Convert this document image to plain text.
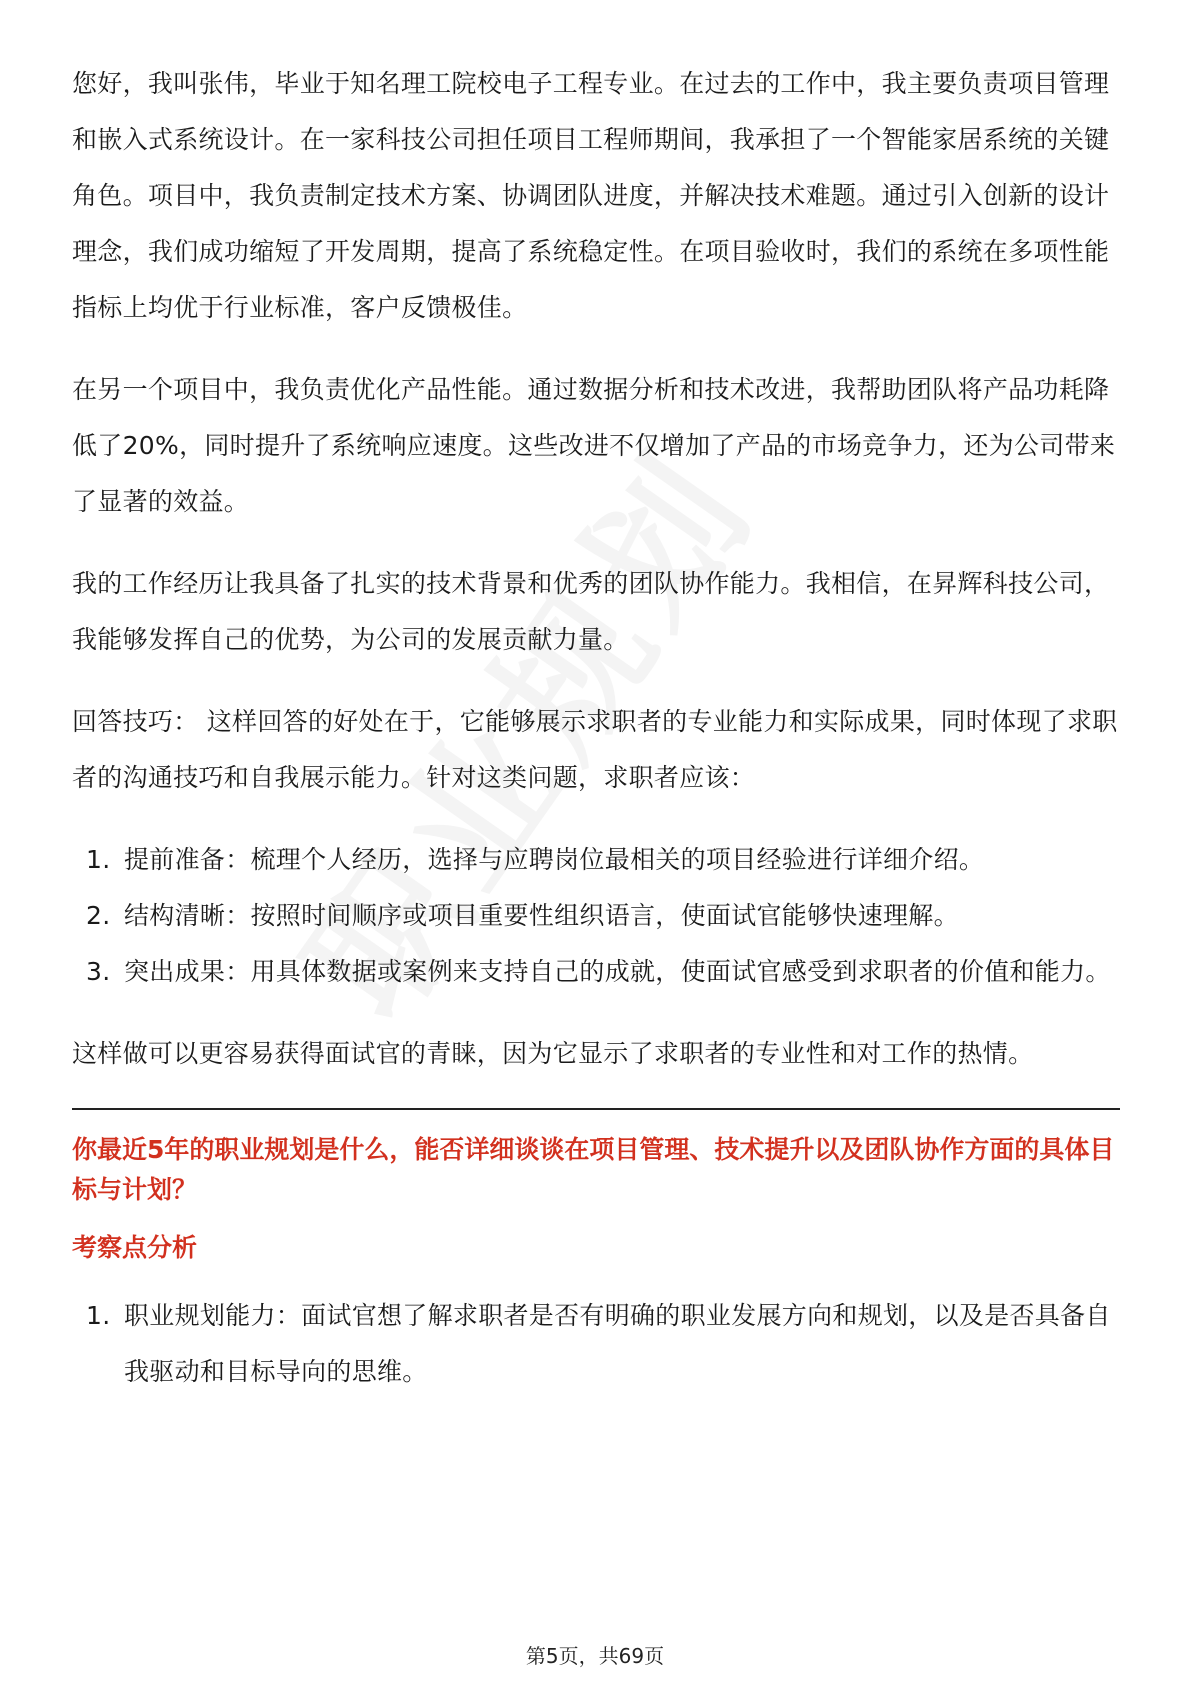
您好，我叫张伟，毕业于知名理工院校电子工程专业。在过去的工作中，我主要负责项目管理和嵌入式系统设计。在一家科技公司担任项目工程师期间，我承担了一个智能家居系统的关键角色。项目中，我负责制定技术方案、协调团队进度，并解决技术难题。通过引入创新的设计理念，我们成功缩短了开发周期，提高了系统稳定性。在项目验收时，我们的系统在多项性能指标上均优于行业标准，客户反馈极佳。

在另一个项目中，我负责优化产品性能。通过数据分析和技术改进，我帮助团队将产品功耗降低了20%，同时提升了系统响应速度。这些改进不仅增加了产品的市场竞争力，还为公司带来了显著的效益。

我的工作经历让我具备了扎实的技术背景和优秀的团队协作能力。我相信，在昇辉科技公司，我能够发挥自己的优势，为公司的发展贡献力量。

回答技巧： 这样回答的好处在于，它能够展示求职者的专业能力和实际成果，同时体现了求职者的沟通技巧和自我展示能力。针对这类问题，求职者应该：

1. 提前准备：梳理个人经历，选择与应聘岗位最相关的项目经验进行详细介绍。
2. 结构清晰：按照时间顺序或项目重要性组织语言，使面试官能够快速理解。
3. 突出成果：用具体数据或案例来支持自己的成就，使面试官感受到求职者的价值和能力。

这样做可以更容易获得面试官的青睐，因为它显示了求职者的专业性和对工作的热情。

你最近5年的职业规划是什么，能否详细谈谈在项目管理、技术提升以及团队协作方面的具体目标与计划？
考察点分析
1. 职业规划能力：面试官想了解求职者是否有明确的职业发展方向和规划，以及是否具备自我驱动和目标导向的思维。
第5页，共69页
